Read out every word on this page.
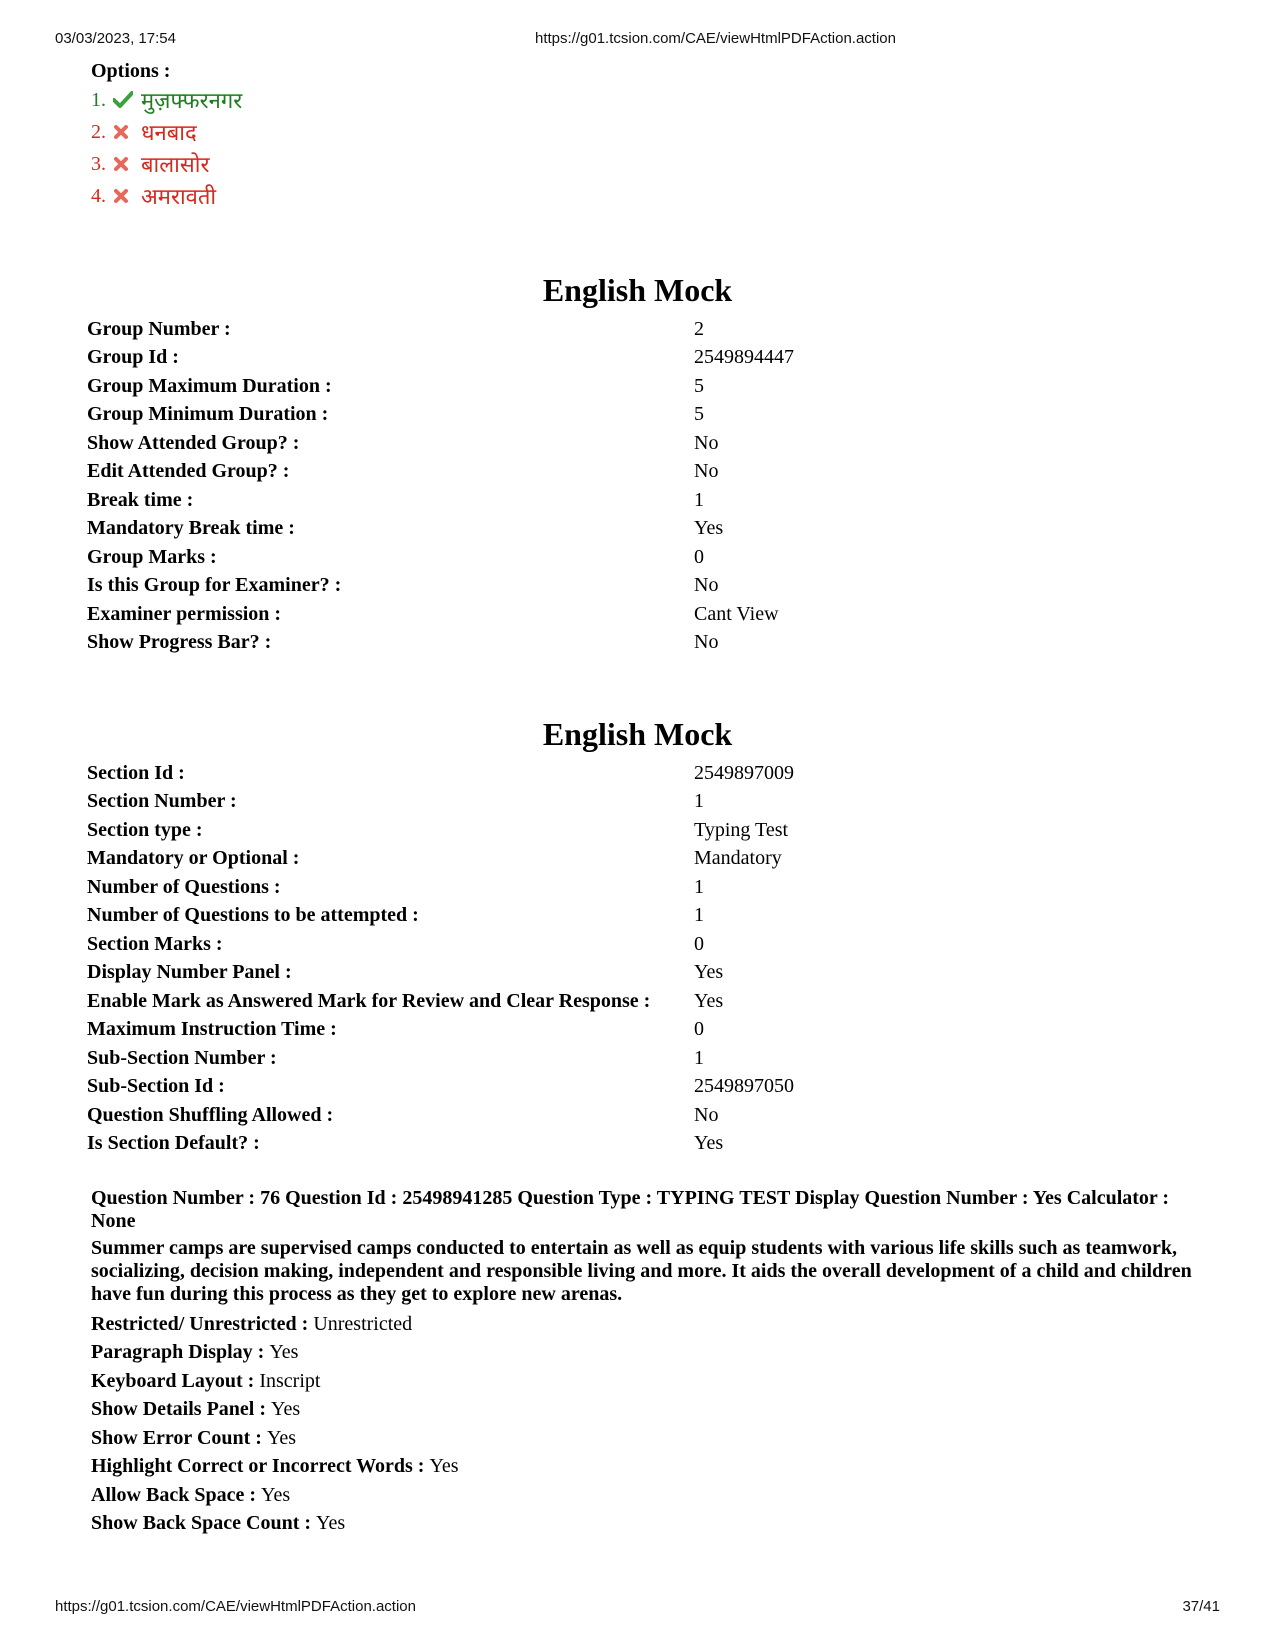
03/03/2023, 17:54	https://g01.tcsion.com/CAE/viewHtmlPDFAction.action
Options :
1.	मुज़फ्फरनगर
2.	धनबाद
3.	बालासोर
4.	अमरावती
English Mock
Group Number :	2
Group Id :	2549894447
Group Maximum Duration :	5
Group Minimum Duration :	5
Show Attended Group? :	No
Edit Attended Group? :	No
Break time :	1
Mandatory Break time :	Yes
Group Marks :	0
Is this Group for Examiner? :	No
Examiner permission :	Cant View
Show Progress Bar? :	No
English Mock
Section Id :	2549897009
Section Number :	1
Section type :	Typing Test
Mandatory or Optional :	Mandatory
Number of Questions :	1
Number of Questions to be attempted :	1
Section Marks :	0
Display Number Panel :	Yes
Enable Mark as Answered Mark for Review and Clear Response :	Yes
Maximum Instruction Time :	0
Sub-Section Number :	1
Sub-Section Id :	2549897050
Question Shuffling Allowed :	No
Is Section Default? :	Yes
Question Number : 76 Question Id : 25498941285 Question Type : TYPING TEST Display Question Number : Yes Calculator : None
Summer camps are supervised camps conducted to entertain as well as equip students with various life skills such as teamwork, socializing, decision making, independent and responsible living and more. It aids the overall development of a child and children have fun during this process as they get to explore new arenas.
Restricted/ Unrestricted : Unrestricted
Paragraph Display : Yes
Keyboard Layout : Inscript
Show Details Panel : Yes
Show Error Count : Yes
Highlight Correct or Incorrect Words : Yes
Allow Back Space : Yes
Show Back Space Count : Yes
https://g01.tcsion.com/CAE/viewHtmlPDFAction.action	37/41
